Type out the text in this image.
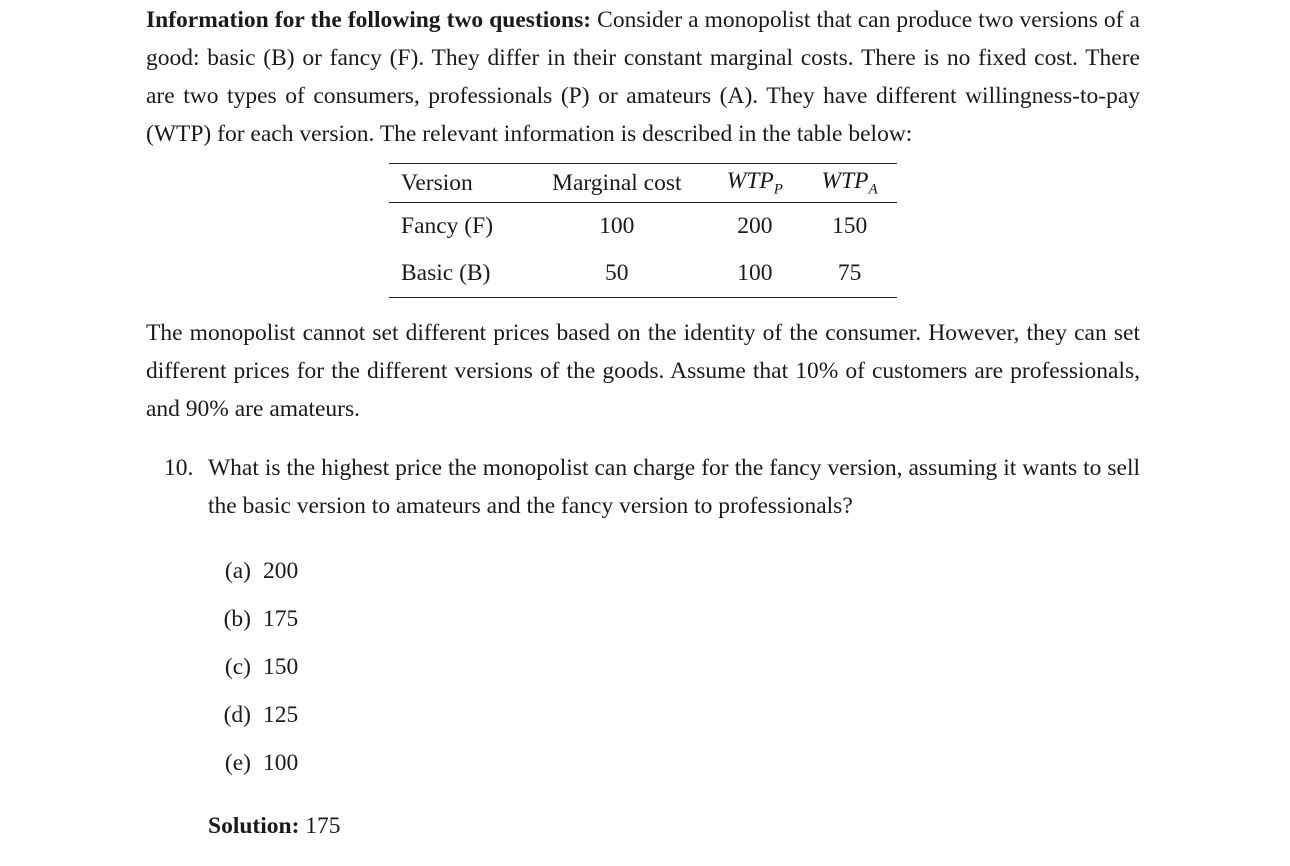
Information for the following two questions: Consider a monopolist that can produce two versions of a good: basic (B) or fancy (F). They differ in their constant marginal costs. There is no fixed cost. There are two types of consumers, professionals (P) or amateurs (A). They have different willingness-to-pay (WTP) for each version. The relevant information is described in the table below:

Version	Marginal cost	$WTP_P$	$WTP_A$
Fancy (F)	100	200	150
Basic (B)	50	100	75

The monopolist cannot set different prices based on the identity of the consumer. However, they can set different prices for the different versions of the goods. Assume that 10% of customers are professionals, and 90% are amateurs.

10. What is the highest price the monopolist can charge for the fancy version, assuming it wants to sell the basic version to amateurs and the fancy version to professionals?
(a) 200
(b) 175
(c) 150
(d) 125
(e) 100
Solution: 175
